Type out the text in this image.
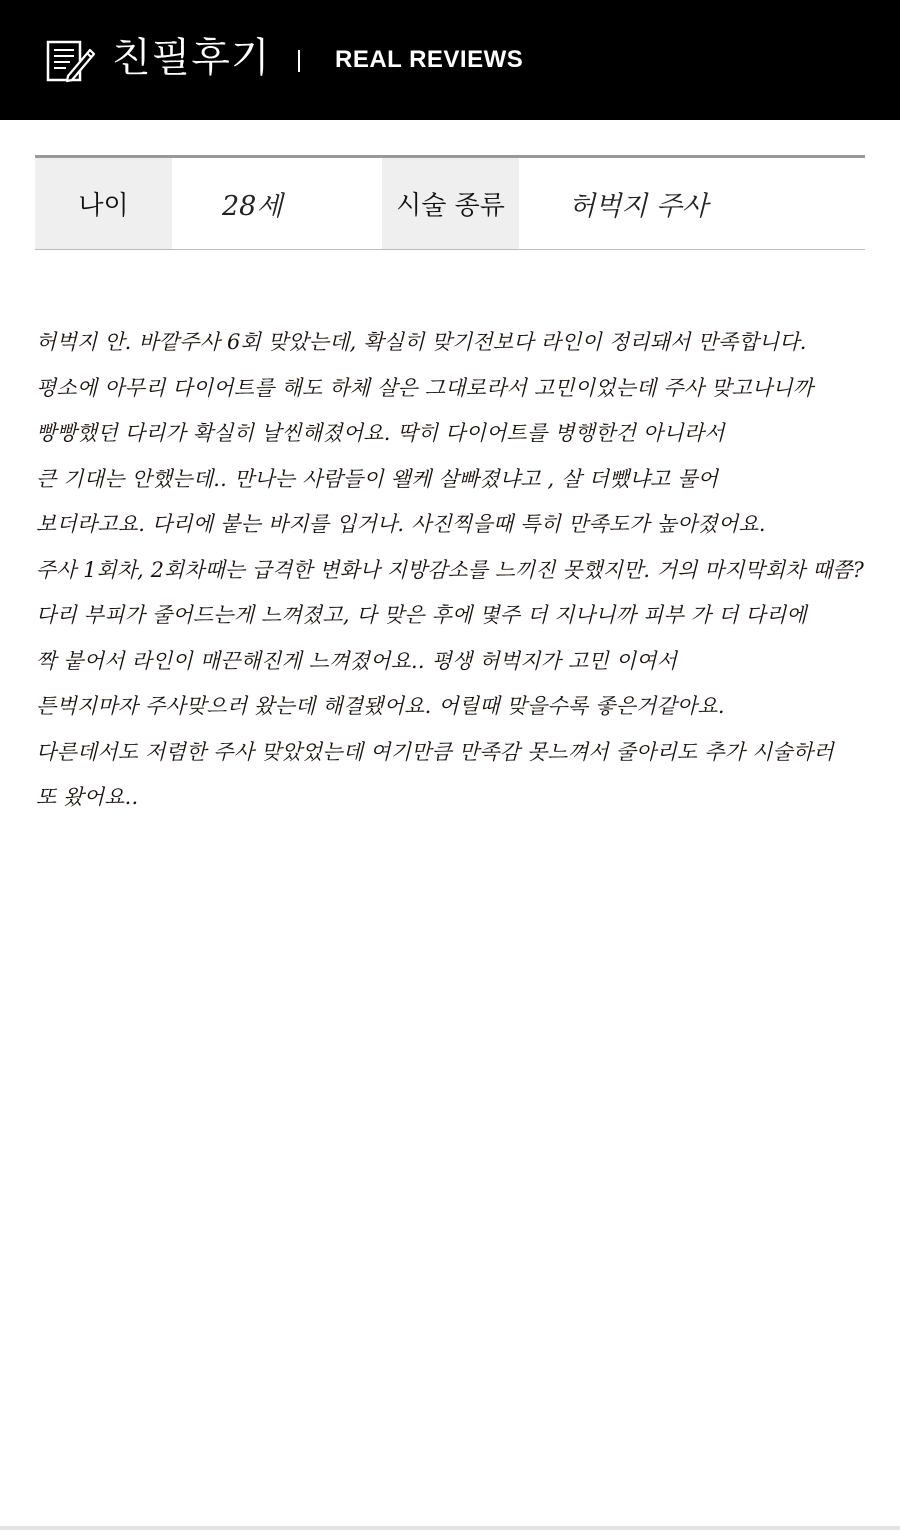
친필후기	REAL REVIEWS
나이	28세	시술 종류	허벅지 주사
허벅지 안. 바깥주사 6회 맞았는데, 확실히 맞기전보다 라인이 정리돼서 만족합니다.
평소에 아무리 다이어트를 해도 하체 살은 그대로라서 고민이었는데 주사 맞고나니까
빵빵했던 다리가 확실히 날씬해졌어요. 딱히 다이어트를 병행한건 아니라서
큰 기대는 안했는데.. 만나는 사람들이 왤케 살빠졌냐고 , 살 더뺐냐고 물어
보더라고요. 다리에 붙는 바지를 입거나. 사진찍을때 특히 만족도가 높아졌어요.
주사 1회차, 2회차때는 급격한 변화나 지방감소를 느끼진 못했지만. 거의 마지막회차 때쯤?
다리 부피가 줄어드는게 느껴졌고, 다 맞은 후에 몇주 더 지나니까 피부 가 더 다리에
짝 붙어서 라인이 매끈해진게 느껴졌어요.. 평생 허벅지가 고민 이여서
튼벅지마자 주사맞으러 왔는데 해결됐어요. 어릴때 맞을수록 좋은거같아요.
다른데서도 저렴한 주사 맞았었는데 여기만큼 만족감 못느껴서 줄아리도 추가 시술하러
또 왔어요..
